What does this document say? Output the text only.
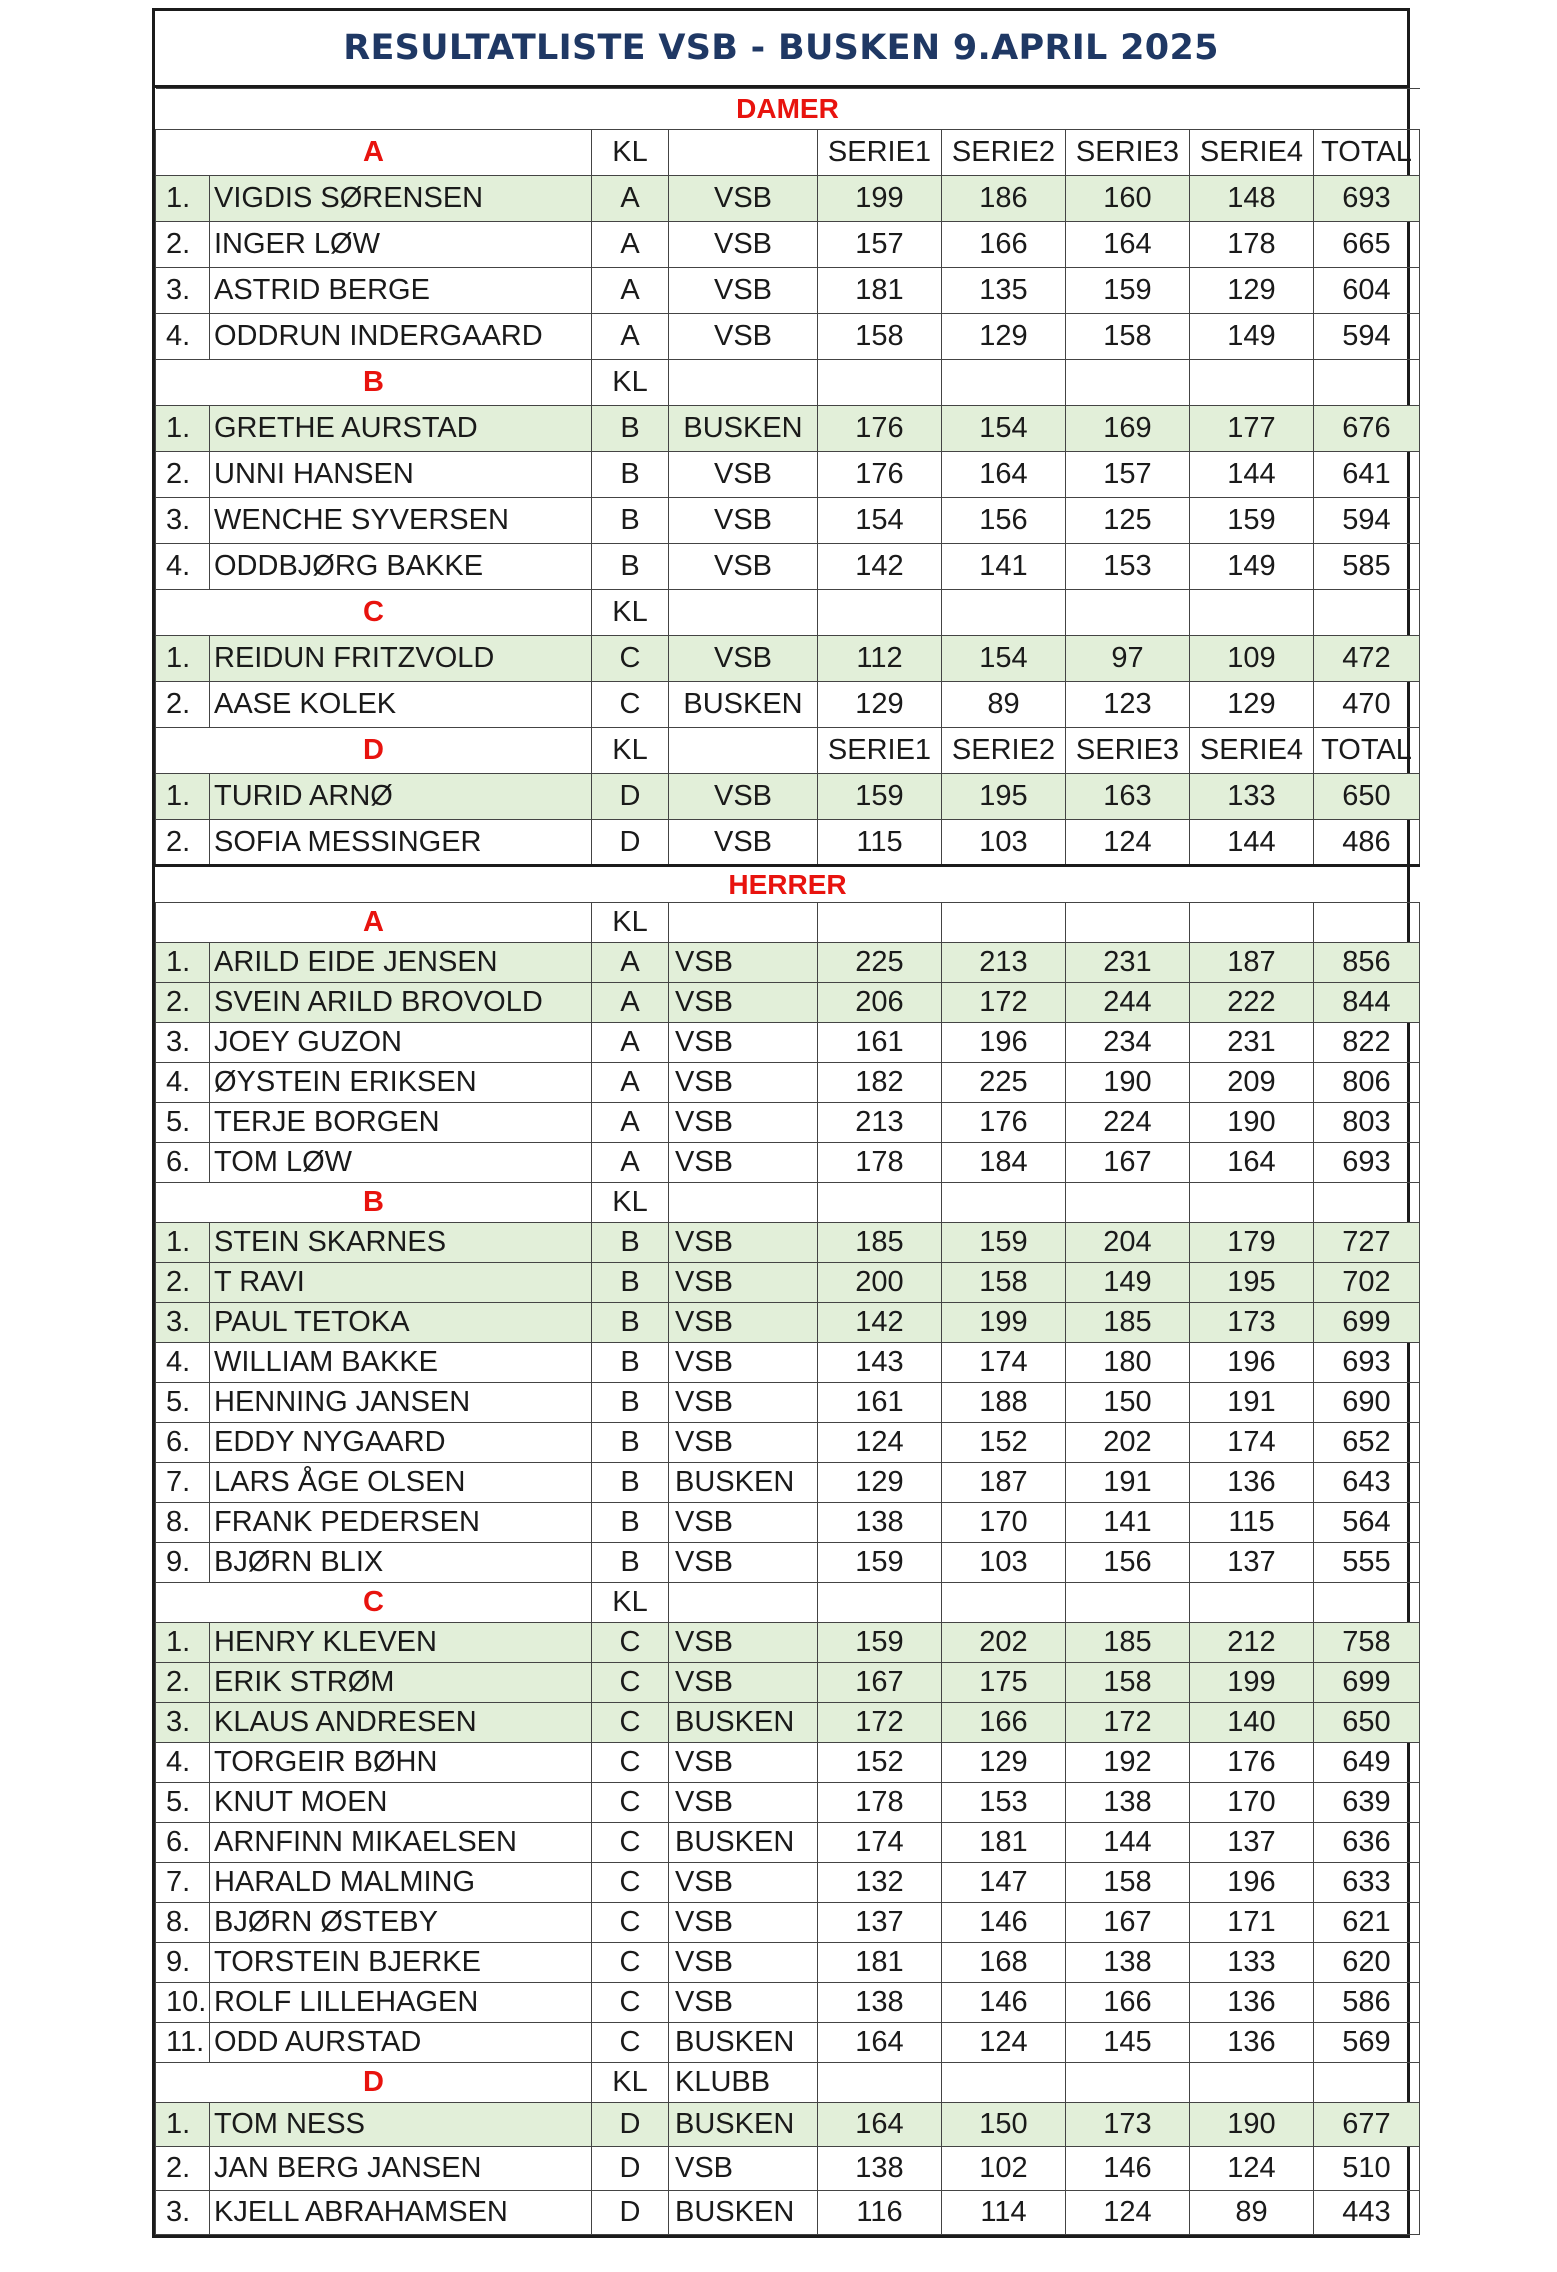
RESULTATLISTE VSB - BUSKEN 9.APRIL 2025
DAMER								
A		KL		SERIE1	SERIE2	SERIE3	SERIE4	TOTAL
1.	VIGDIS SØRENSEN	A	VSB	199	186	160	148	693
2.	INGER LØW	A	VSB	157	166	164	178	665
3.	ASTRID BERGE	A	VSB	181	135	159	129	604
4.	ODDRUN INDERGAARD	A	VSB	158	129	158	149	594
B		KL						
1.	GRETHE AURSTAD	B	BUSKEN	176	154	169	177	676
2.	UNNI HANSEN	B	VSB	176	164	157	144	641
3.	WENCHE SYVERSEN	B	VSB	154	156	125	159	594
4.	ODDBJØRG BAKKE	B	VSB	142	141	153	149	585
C		KL						
1.	REIDUN FRITZVOLD	C	VSB	112	154	97	109	472
2.	AASE KOLEK	C	BUSKEN	129	89	123	129	470
D		KL		SERIE1	SERIE2	SERIE3	SERIE4	TOTAL
1.	TURID ARNØ	D	VSB	159	195	163	133	650
2.	SOFIA MESSINGER	D	VSB	115	103	124	144	486
HERRER								
A		KL						
1.	ARILD EIDE JENSEN	A	VSB	225	213	231	187	856
2.	SVEIN ARILD BROVOLD	A	VSB	206	172	244	222	844
3.	JOEY GUZON	A	VSB	161	196	234	231	822
4.	ØYSTEIN ERIKSEN	A	VSB	182	225	190	209	806
5.	TERJE BORGEN	A	VSB	213	176	224	190	803
6.	TOM LØW	A	VSB	178	184	167	164	693
B		KL						
1.	STEIN SKARNES	B	VSB	185	159	204	179	727
2.	T RAVI	B	VSB	200	158	149	195	702
3.	PAUL TETOKA	B	VSB	142	199	185	173	699
4.	WILLIAM BAKKE	B	VSB	143	174	180	196	693
5.	HENNING JANSEN	B	VSB	161	188	150	191	690
6.	EDDY NYGAARD	B	VSB	124	152	202	174	652
7.	LARS ÅGE OLSEN	B	BUSKEN	129	187	191	136	643
8.	FRANK PEDERSEN	B	VSB	138	170	141	115	564
9.	BJØRN BLIX	B	VSB	159	103	156	137	555
C		KL						
1.	HENRY KLEVEN	C	VSB	159	202	185	212	758
2.	ERIK STRØM	C	VSB	167	175	158	199	699
3.	KLAUS ANDRESEN	C	BUSKEN	172	166	172	140	650
4.	TORGEIR BØHN	C	VSB	152	129	192	176	649
5.	KNUT MOEN	C	VSB	178	153	138	170	639
6.	ARNFINN MIKAELSEN	C	BUSKEN	174	181	144	137	636
7.	HARALD MALMING	C	VSB	132	147	158	196	633
8.	BJØRN ØSTEBY	C	VSB	137	146	167	171	621
9.	TORSTEIN BJERKE	C	VSB	181	168	138	133	620
10.	ROLF LILLEHAGEN	C	VSB	138	146	166	136	586
11.	ODD AURSTAD	C	BUSKEN	164	124	145	136	569
D		KL	KLUBB					
1.	TOM NESS	D	BUSKEN	164	150	173	190	677
2.	JAN BERG JANSEN	D	VSB	138	102	146	124	510
3.	KJELL ABRAHAMSEN	D	BUSKEN	116	114	124	89	443
